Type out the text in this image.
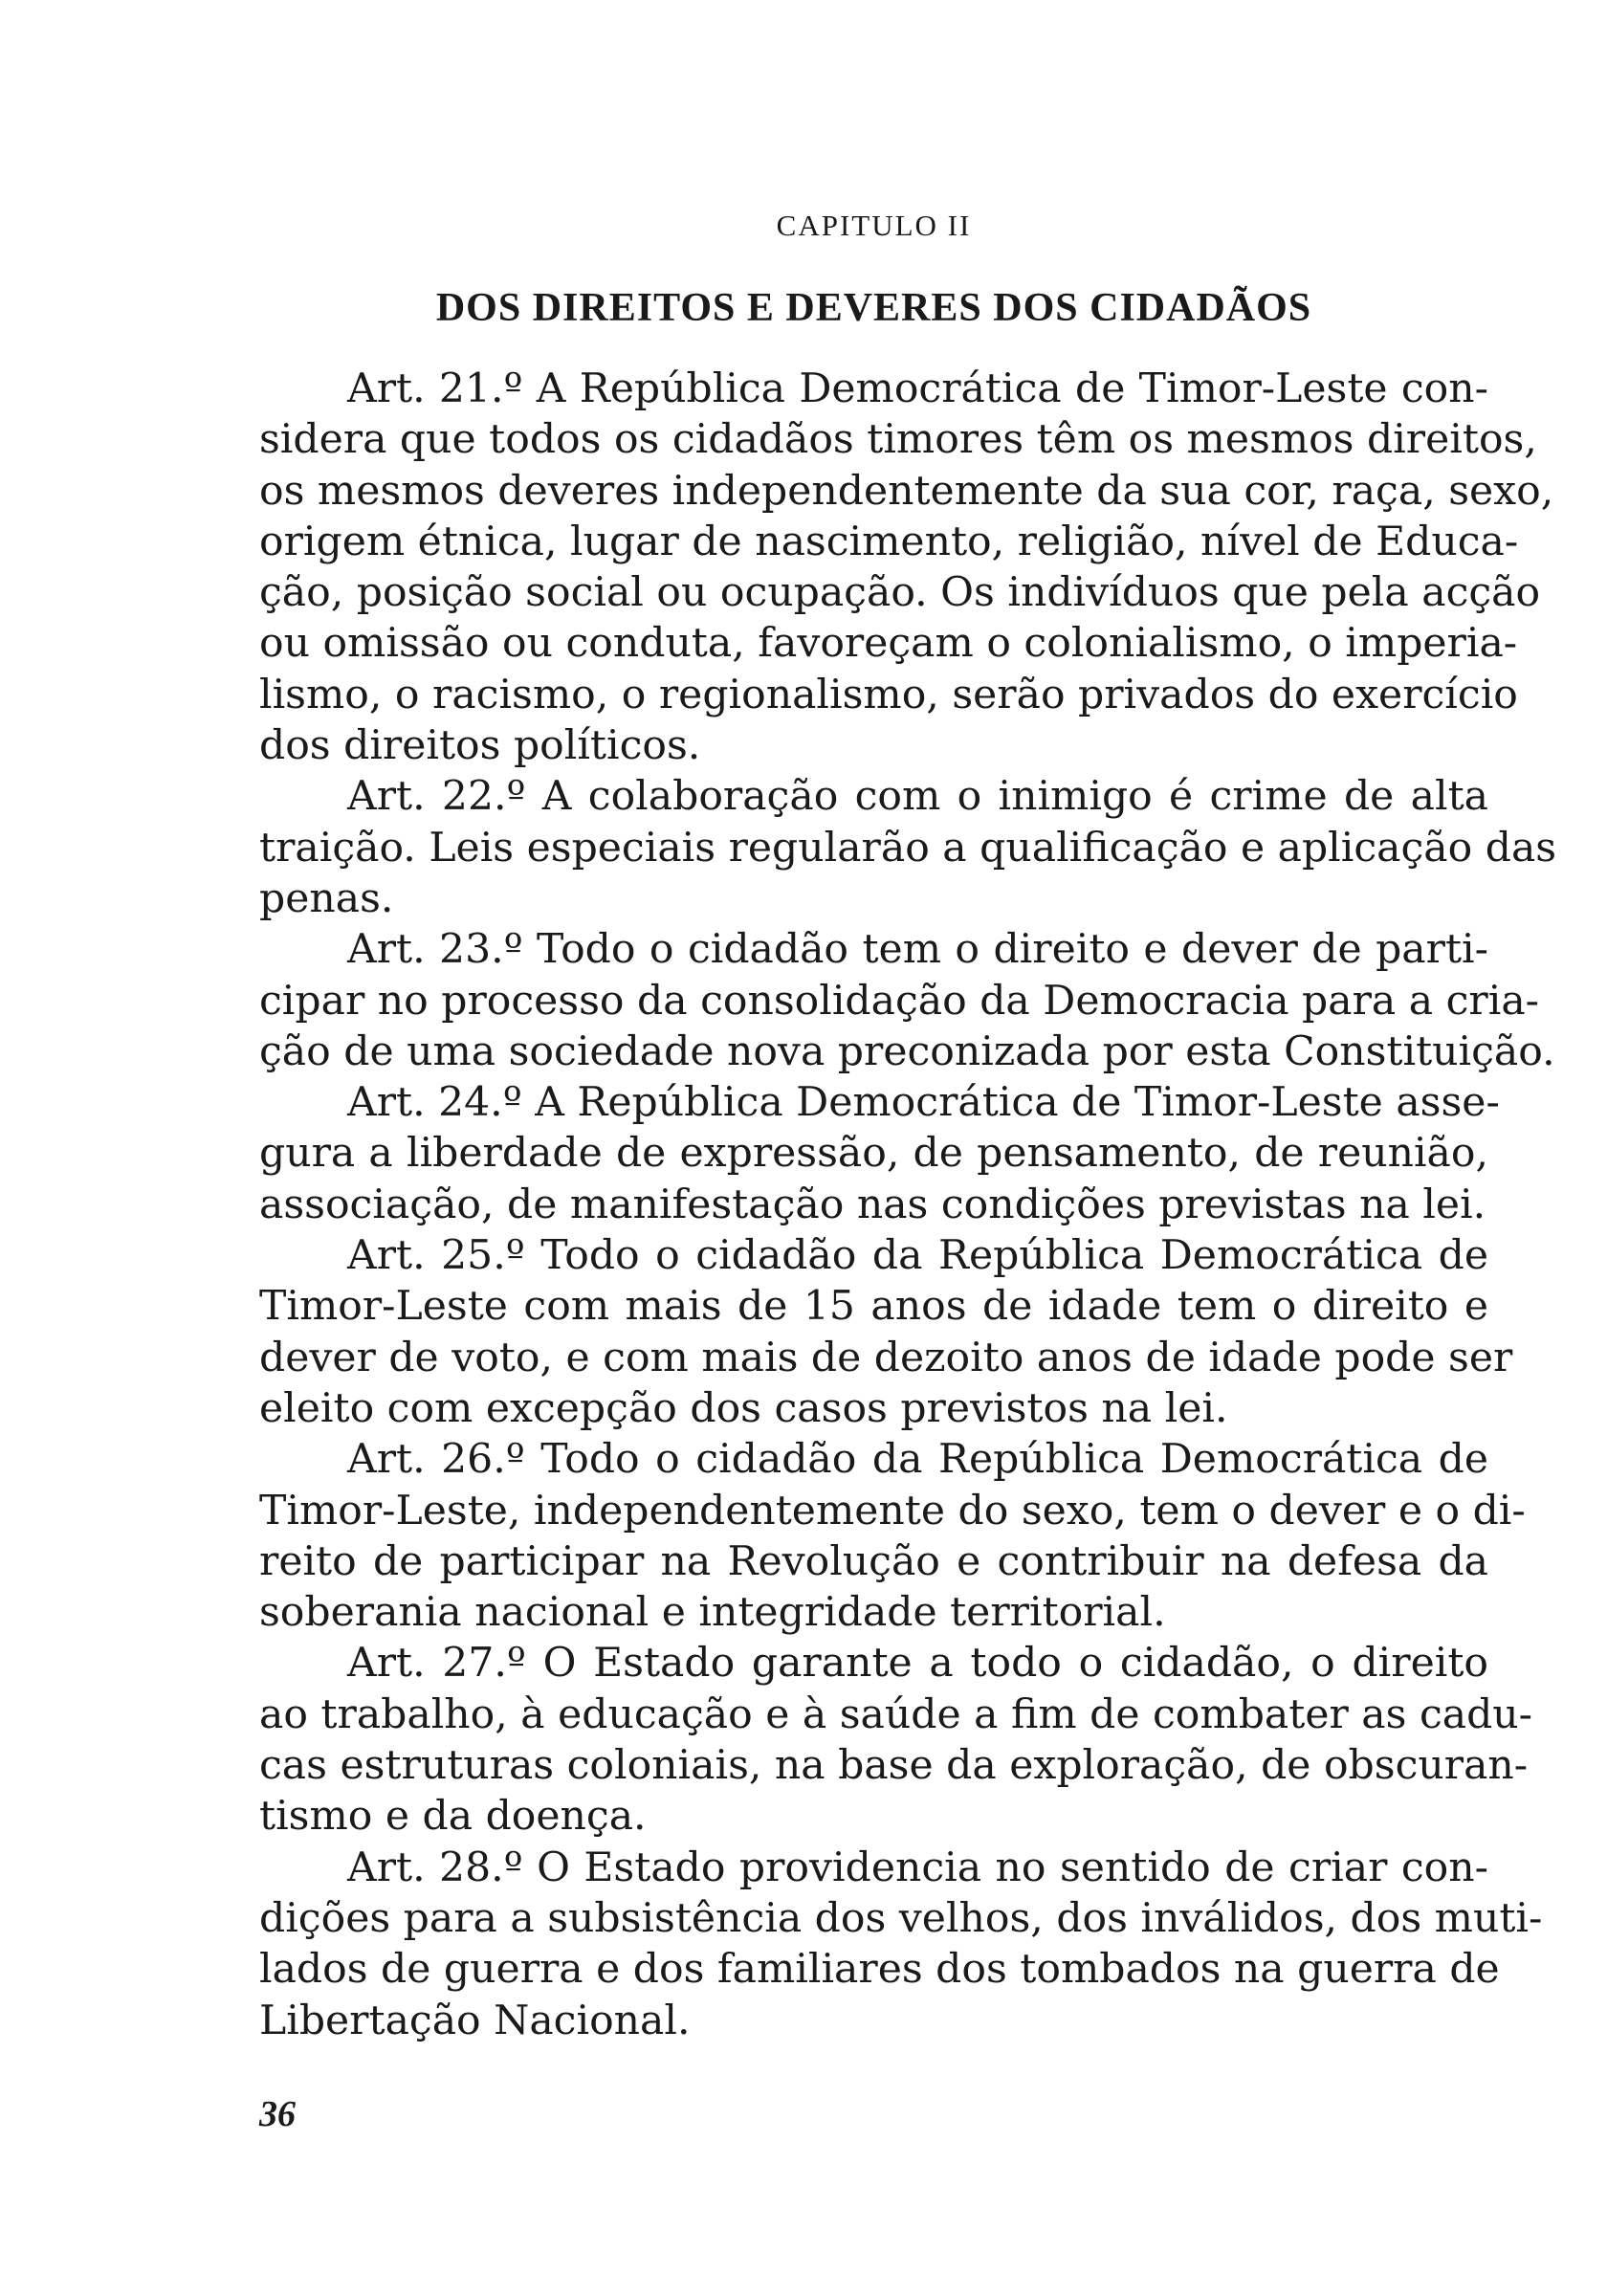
CAPITULO II
DOS DIREITOS E DEVERES DOS CIDADÃOS
Art. 21.º A República Democrática de Timor-Leste con-
sidera que todos os cidadãos timores têm os mesmos direitos,
os mesmos deveres independentemente da sua cor, raça, sexo,
origem étnica, lugar de nascimento, religião, nível de Educa-
ção, posição social ou ocupação. Os indivíduos que pela acção
ou omissão ou conduta, favoreçam o colonialismo, o imperia-
lismo, o racismo, o regionalismo, serão privados do exercício
dos direitos políticos.
Art. 22.º A colaboração com o inimigo é crime de alta
traição. Leis especiais regularão a qualificação e aplicação das
penas.
Art. 23.º Todo o cidadão tem o direito e dever de parti-
cipar no processo da consolidação da Democracia para a cria-
ção de uma sociedade nova preconizada por esta Constituição.
Art. 24.º A República Democrática de Timor-Leste asse-
gura a liberdade de expressão, de pensamento, de reunião,
associação, de manifestação nas condições previstas na lei.
Art. 25.º Todo o cidadão da República Democrática de
Timor-Leste com mais de 15 anos de idade tem o direito e
dever de voto, e com mais de dezoito anos de idade pode ser
eleito com excepção dos casos previstos na lei.
Art. 26.º Todo o cidadão da República Democrática de
Timor-Leste, independentemente do sexo, tem o dever e o di-
reito de participar na Revolução e contribuir na defesa da
soberania nacional e integridade territorial.
Art. 27.º O Estado garante a todo o cidadão, o direito
ao trabalho, à educação e à saúde a fim de combater as cadu-
cas estruturas coloniais, na base da exploração, de obscuran-
tismo e da doença.
Art. 28.º O Estado providencia no sentido de criar con-
dições para a subsistência dos velhos, dos inválidos, dos muti-
lados de guerra e dos familiares dos tombados na guerra de
Libertação Nacional.
36
